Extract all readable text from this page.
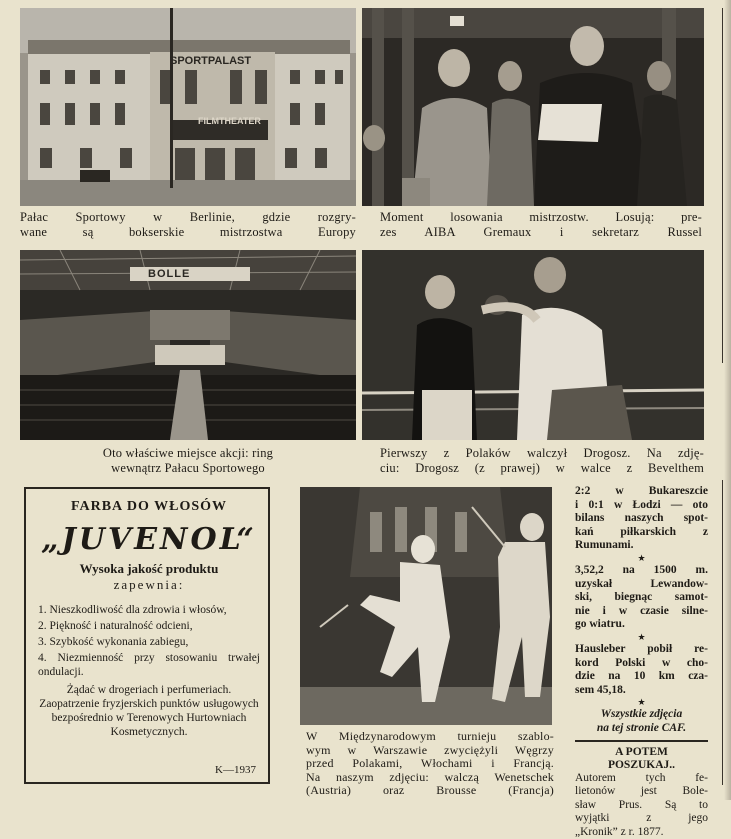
SPORTPALAST
FILMTHEATER
Pałac Sportowy w Berlinie, gdzie rozgry-
wane są bokserskie mistrzostwa Europy
Moment losowania mistrzostw. Losują: pre-
zes AIBA Gremaux i sekretarz Russel
BOLLE
Oto właściwe miejsce akcji: ring
wewnątrz Pałacu Sportowego
Pierwszy z Polaków walczył Drogosz. Na zdję-
ciu: Drogosz (z prawej) w walce z Bevelthem
FARBA DO WŁOSÓW
„JUVENOL“
Wysoka jakość produktu
zapewnia:
1. Nieszkodliwość dla zdrowia i włosów,
2. Piękność i naturalność odcieni,
3. Szybkość wykonania zabiegu,
4. Niezmienność przy stosowaniu trwałej ondulacji.
Żądać w drogeriach i perfumeriach. Zaopatrzenie fryzjerskich punktów usługowych bezpośrednio w Terenowych Hurtowniach Kosmetycznych.
K—1937
W Międzynarodowym turnieju szablo-
wym w Warszawie zwyciężyli Węgrzy
przed Polakami, Włochami i Francją.
Na naszym zdjęciu: walczą Wenetschek
(Austria) oraz Brousse (Francja)
2:2 w Bukareszcie
i 0:1 w Łodzi — oto
bilans naszych spot-
kań piłkarskich z
Rumunami.
★
3,52,2 na 1500 m.
uzyskał Lewandow-
ski, biegnąc samot-
nie i w czasie silne-
go wiatru.
★
Hausleber pobił re-
kord Polski w cho-
dzie na 10 km cza-
sem 45,18.
★
Wszystkie zdjęcia
na tej stronie CAF.
A POTEM
POSZUKAJ..
Autorem tych fe-
lietonów jest Bole-
sław Prus. Są to
wyjątki z jego
„Kronik” z r. 1877.
